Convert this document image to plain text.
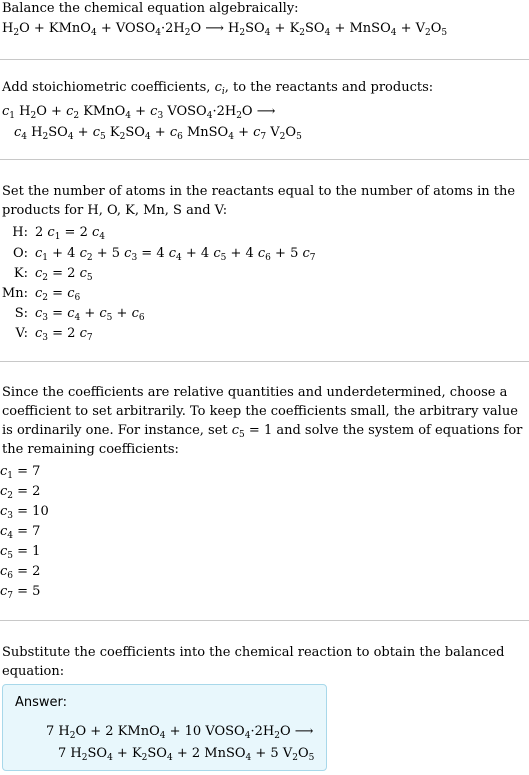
Balance the chemical equation algebraically:
$H_2O$ + KMnO$_4$ + $VOSO_4\cdot 2H_2O$ ⟶ $H_2SO_4 + K_2SO_4$ + MnSO$_4$ + $V_2O_5$
Add stoichiometric coefficients, $c_i$, to the reactants and products:
$c_1$ $H_2O + c_2$ KMnO$_4$ + $c_3$ $VOSO_4\cdot 2H_2O$ ⟶
$c_4$ $H_2SO_4 + c_5$ $K_2SO_4 + c_6$ MnSO$_4$ + $c_7$ $V_2O_5$
Set the number of atoms in the reactants equal to the number of atoms in the products for H, O, K, Mn, S and V:
H: 2 $c_1 = 2$ $c_4$
O: $c_1 + 4$ $c_2 + 5$ $c_3 = 4$ $c_4 + 4$ $c_5 + 4$ $c_6 + 5$ $c_7$
K: $c_2 = 2$ $c_5$
Mn: $c_2 = c_6$
S: $c_3 = c_4 + c_5 + c_6$
V: $c_3 = 2$ $c_7$
Since the coefficients are relative quantities and underdetermined, choose a coefficient to set arbitrarily. To keep the coefficients small, the arbitrary value is ordinarily one. For instance, set $c_5 = 1$ and solve the system of equations for the remaining coefficients:
$c_1 = 7$
$c_2 = 2$
$c_3 = 10$
$c_4 = 7$
$c_5 = 1$
$c_6 = 2$
$c_7 = 5$
Substitute the coefficients into the chemical reaction to obtain the balanced equation:
Answer:
7 $H_2O + 2$ KMnO$_4$ + 10 $VOSO_4\cdot 2H_2O$ ⟶
7 $H_2SO_4 + K_2SO_4 + 2$ MnSO$_4$ + 5 $V_2O_5$
